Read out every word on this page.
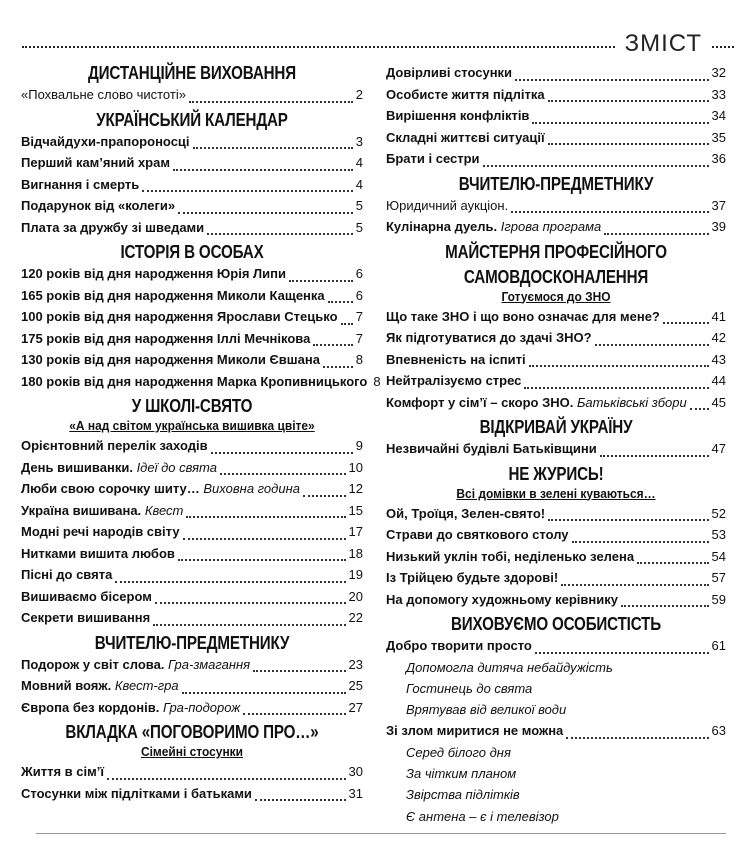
ЗМІСТ
ДИСТАНЦІЙНЕ ВИХОВАННЯ
«Похвальне слово чистоті»	2
УКРАЇНСЬКИЙ КАЛЕНДАР
Відчайдухи-прапороносці	3
Перший кам’яний храм	4
Вигнання і смерть	4
Подарунок від «колеги»	5
Плата за дружбу зі шведами	5
ІСТОРІЯ В ОСОБАХ
120 років від дня народження Юрія Липи	6
165 років від дня народження Миколи Кащенка 6
100 років від дня народження Ярослави Стецько 7
175 років від дня народження Іллі Мечнікова	7
130 років від дня народження Миколи Євшана	8
180 років від дня народження Марка Кропивницького 8
У ШКОЛІ-СВЯТО
«А над світом українська вишивка цвіте»
Орієнтовний перелік заходів	9
День вишиванки. Ідеї до свята	10
Люби свою сорочку шиту… Виховна година	12
Україна вишивана. Квест	15
Модні речі народів світу	17
Нитками вишита любов	18
Пісні до свята	19
Вишиваємо бісером	20
Секрети вишивання	22
ВЧИТЕЛЮ-ПРЕДМЕТНИКУ
Подорож у світ слова. Гра-змагання	23
Мовний вояж. Квест-гра	25
Європа без кордонів. Гра-подорож	27
ВКЛАДКА «ПОГОВОРИМО ПРО…»
Сімейні стосунки
Життя в сім’ї	30
Стосунки між підлітками і батьками	31
Довірливі стосунки	32
Особисте життя підлітка	33
Вирішення конфліктів	34
Складні життєві ситуації	35
Брати і сестри	36
ВЧИТЕЛЮ-ПРЕДМЕТНИКУ
Юридичний аукціон.	37
Кулінарна дуель. Ігрова програма	39
МАЙСТЕРНЯ ПРОФЕСІЙНОГО
САМОВДОСКОНАЛЕННЯ
Готуємося до ЗНО
Що таке ЗНО і що воно означає для мене?	41
Як підготуватися до здачі ЗНО?	42
Впевненість на іспиті	43
Нейтралізуємо стрес	44
Комфорт у сім’ї – скоро ЗНО. Батьківські збори 45
ВІДКРИВАЙ УКРАЇНУ
Незвичайні будівлі Батьківщини	47
НЕ ЖУРИСЬ!
Всі домівки в зелені куваються…
Ой, Троїця, Зелен-свято!	52
Страви до святкового столу	53
Низький уклін тобі, неділенько зелена	54
Із Трійцею будьте здорові!	57
На допомогу художньому керівнику	59
ВИХОВУЄМО ОСОБИСТІСТЬ
Добро творити просто	61
Допомогла дитяча небайдужість
Гостинець до свята
Врятував від великої води
Зі злом миритися не можна	63
Серед білого дня
За чітким планом
Звірства підлітків
Є антена – є і телевізор
